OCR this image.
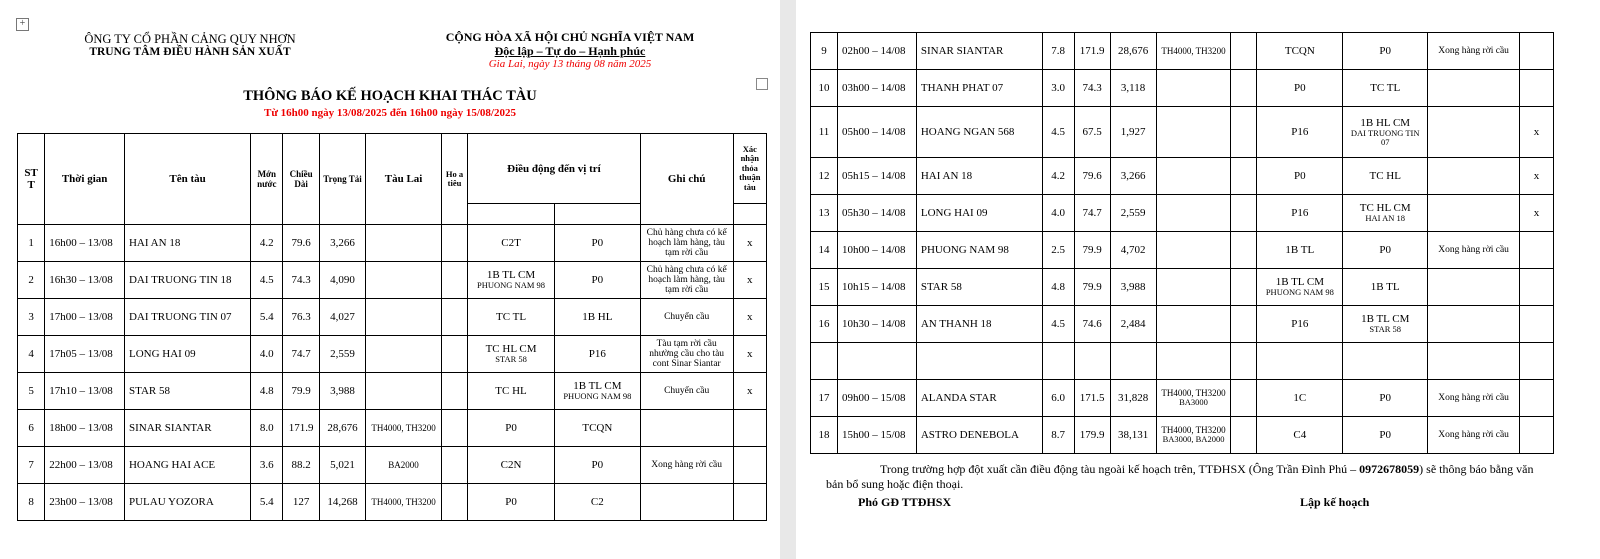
+
ÔNG TY CỔ PHẦN CẢNG QUY NHƠN
TRUNG TÂM ĐIỀU HÀNH SẢN XUẤT
CỘNG HÒA XÃ HỘI CHỦ NGHĨA VIỆT NAM
Độc lập – Tự do – Hạnh phúc
Gia Lai, ngày 13 tháng 08 năm 2025
THÔNG BÁO KẾ HOẠCH KHAI THÁC TÀU
Từ 16h00 ngày 13/08/2025 đến 16h00 ngày 15/08/2025
ST T	Thời gian	Tên tàu	Mớn nước	Chiều Dài	Trọng Tải	Tàu Lai	Ho a tiêu	Điều động đến vị trí		Ghi chú	Xác nhận thỏa thuận tàu

1	16h00 – 13/08	HAI AN 18	4.2	79.6	3,266			C2T	P0	Chủ hàng chưa có kế hoạch làm hàng, tàu tạm rời cầu	x
2	16h30 – 13/08	DAI TRUONG TIN 18	4.5	74.3	4,090			1B TL CM
PHUONG NAM 98	P0	Chủ hàng chưa có kế hoạch làm hàng, tàu tạm rời cầu	x
3	17h00 – 13/08	DAI TRUONG TIN 07	5.4	76.3	4,027			TC TL	1B HL	Chuyển cầu	x
4	17h05 – 13/08	LONG HAI 09	4.0	74.7	2,559			TC HL CM
STAR 58	P16	Tàu tạm rời cầu nhường cầu cho tàu cont Sinar Siantar	x
5	17h10 – 13/08	STAR 58	4.8	79.9	3,988			TC HL	1B TL CM
PHUONG NAM 98	Chuyển cầu	x
6	18h00 – 13/08	SINAR SIANTAR	8.0	171.9	28,676	TH4000, TH3200		P0	TCQN		

7	22h00 – 13/08	HOANG HAI ACE	3.6	88.2	5,021	BA2000		C2N	P0	Xong hàng rời cầu	
8	23h00 – 13/08	PULAU YOZORA	5.4	127	14,268	TH4000, TH3200		P0	C2		

9	02h00 – 14/08	SINAR SIANTAR	7.8	171.9	28,676	TH4000, TH3200		TCQN	P0	Xong hàng rời cầu	
10	03h00 – 14/08	THANH PHAT 07	3.0	74.3	3,118			P0	TC TL		

11	05h00 – 14/08	HOANG NGAN 568	4.5	67.5	1,927			P16	1B HL CM
DAI TRUONG TIN
07		x
12	05h15 – 14/08	HAI AN 18	4.2	79.6	3,266			P0	TC HL		x
13	05h30 – 14/08	LONG HAI 09	4.0	74.7	2,559			P16	TC HL CM
HAI AN 18		x
14	10h00 – 14/08	PHUONG NAM 98	2.5	79.9	4,702			1B TL	P0	Xong hàng rời cầu	
15	10h15 – 14/08	STAR 58	4.8	79.9	3,988			1B TL CM
PHUONG NAM 98	1B TL		

16	10h30 – 14/08	AN THANH 18	4.5	74.6	2,484			P16	1B TL CM
STAR 58		

17	09h00 – 15/08	ALANDA STAR	6.0	171.5	31,828	TH4000, TH3200
BA3000		1C	P0	Xong hàng rời cầu	
18	15h00 – 15/08	ASTRO DENEBOLA	8.7	179.9	38,131	TH4000, TH3200
BA3000, BA2000		C4	P0	Xong hàng rời cầu	
Trong trường hợp đột xuất cần điều động tàu ngoài kế hoạch trên, TTĐHSX (Ông Trần Đình Phú – 0972678059) sẽ thông báo bằng văn bản bổ sung hoặc điện thoại.
Phó GĐ TTĐHSX	Lập kế hoạch
